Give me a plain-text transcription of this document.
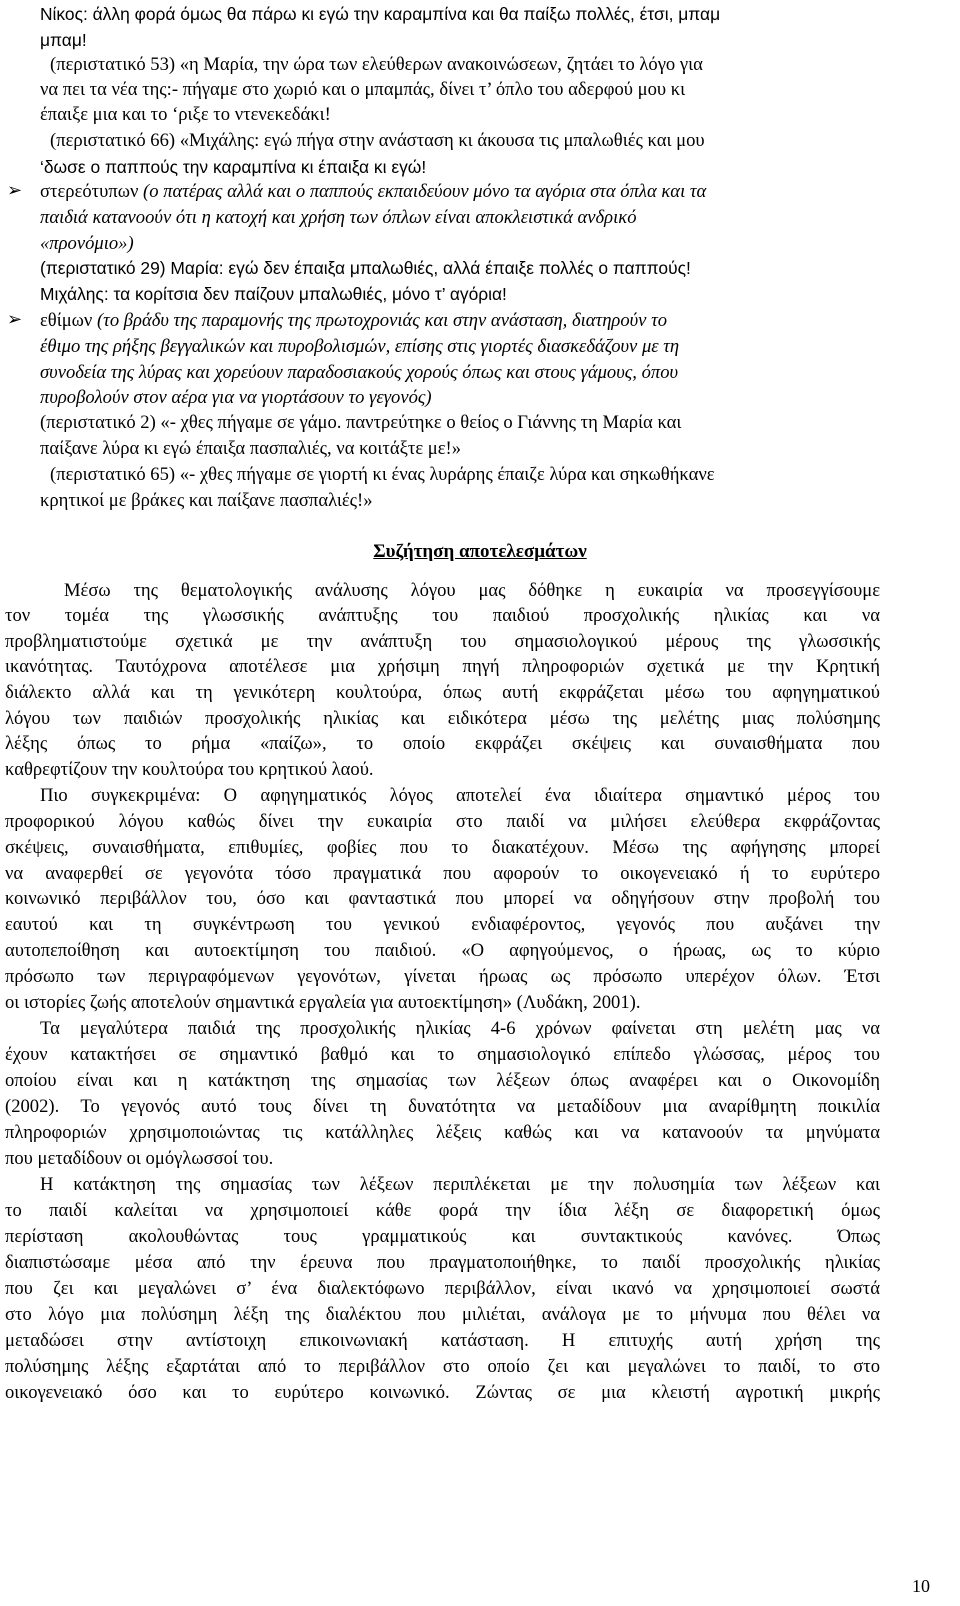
Νίκος: άλλη φορά όμως θα πάρω κι εγώ την καραμπίνα και θα παίξω πολλές, έτσι, μπαμ
μπαμ!
(περιστατικό 53) «η Μαρία, την ώρα των ελεύθερων ανακοινώσεων, ζητάει το λόγο για
να πει τα νέα της:- πήγαμε στο χωριό και ο μπαμπάς, δίνει τ’ όπλο του αδερφού μου κι
έπαιξε μια και το ‘ριξε το ντενεκεδάκι!
(περιστατικό 66) «Μιχάλης: εγώ πήγα στην ανάσταση κι άκουσα τις μπαλωθιές και μου
‘δωσε ο παππούς την καραμπίνα κι έπαιξα κι εγώ!
➢ στερεότυπων (ο πατέρας αλλά και ο παππούς εκπαιδεύουν μόνο τα αγόρια στα όπλα και τα
παιδιά κατανοούν ότι η κατοχή και χρήση των όπλων είναι αποκλειστικά ανδρικό
«προνόμιο»)
(περιστατικό 29) Μαρία: εγώ δεν έπαιξα μπαλωθιές, αλλά έπαιξε πολλές ο παππούς!
Μιχάλης: τα κορίτσια δεν παίζουν μπαλωθιές, μόνο τ’ αγόρια!
➢ εθίμων (το βράδυ της παραμονής της πρωτοχρονιάς και στην ανάσταση, διατηρούν το
έθιμο της ρήξης βεγγαλικών και πυροβολισμών, επίσης στις γιορτές διασκεδάζουν με τη
συνοδεία της λύρας και χορεύουν παραδοσιακούς χορούς όπως και στους γάμους, όπου
πυροβολούν στον αέρα για να γιορτάσουν το γεγονός)
(περιστατικό 2) «- χθες πήγαμε σε γάμο. παντρεύτηκε ο θείος ο Γιάννης τη Μαρία και
παίξανε λύρα κι εγώ έπαιξα πασπαλιές, να κοιτάξτε με!»
(περιστατικό 65) «- χθες πήγαμε σε γιορτή κι ένας λυράρης έπαιζε λύρα και σηκωθήκανε
κρητικοί με βράκες και παίξανε πασπαλιές!»
Συζήτηση αποτελεσμάτων
Μέσω της θεματολογικής ανάλυσης λόγου μας δόθηκε η ευκαιρία να προσεγγίσουμε
τον τομέα της γλωσσικής ανάπτυξης του παιδιού προσχολικής ηλικίας και να
προβληματιστούμε σχετικά με την ανάπτυξη του σημασιολογικού μέρους της γλωσσικής
ικανότητας. Ταυτόχρονα αποτέλεσε μια χρήσιμη πηγή πληροφοριών σχετικά με την Κρητική
διάλεκτο αλλά και τη γενικότερη κουλτούρα, όπως αυτή εκφράζεται μέσω του αφηγηματικού
λόγου των παιδιών προσχολικής ηλικίας και ειδικότερα μέσω της μελέτης μιας πολύσημης
λέξης όπως το ρήμα «παίζω», το οποίο εκφράζει σκέψεις και συναισθήματα που
καθρεφτίζουν την κουλτούρα του κρητικού λαού.
Πιο συγκεκριμένα: Ο αφηγηματικός λόγος αποτελεί ένα ιδιαίτερα σημαντικό μέρος του
προφορικού λόγου καθώς δίνει την ευκαιρία στο παιδί να μιλήσει ελεύθερα εκφράζοντας
σκέψεις, συναισθήματα, επιθυμίες, φοβίες που το διακατέχουν. Μέσω της αφήγησης μπορεί
να αναφερθεί σε γεγονότα τόσο πραγματικά που αφορούν το οικογενειακό ή το ευρύτερο
κοινωνικό περιβάλλον του, όσο και φανταστικά που μπορεί να οδηγήσουν στην προβολή του
εαυτού και τη συγκέντρωση του γενικού ενδιαφέροντος, γεγονός που αυξάνει την
αυτοπεποίθηση και αυτοεκτίμηση του παιδιού. «Ο αφηγούμενος, ο ήρωας, ως το κύριο
πρόσωπο των περιγραφόμενων γεγονότων, γίνεται ήρωας ως πρόσωπο υπερέχον όλων. Έτσι
οι ιστορίες ζωής αποτελούν σημαντικά εργαλεία για αυτοεκτίμηση» (Λυδάκη, 2001).
Τα μεγαλύτερα παιδιά της προσχολικής ηλικίας 4-6 χρόνων φαίνεται στη μελέτη μας να
έχουν κατακτήσει σε σημαντικό βαθμό και το σημασιολογικό επίπεδο γλώσσας, μέρος του
οποίου είναι και η κατάκτηση της σημασίας των λέξεων όπως αναφέρει και ο Οικονομίδη
(2002). Το γεγονός αυτό τους δίνει τη δυνατότητα να μεταδίδουν μια αναρίθμητη ποικιλία
πληροφοριών χρησιμοποιώντας τις κατάλληλες λέξεις καθώς και να κατανοούν τα μηνύματα
που μεταδίδουν οι ομόγλωσσοί του.
Η κατάκτηση της σημασίας των λέξεων περιπλέκεται με την πολυσημία των λέξεων και
το παιδί καλείται να χρησιμοποιεί κάθε φορά την ίδια λέξη σε διαφορετική όμως
περίσταση ακολουθώντας τους γραμματικούς και συντακτικούς κανόνες. Όπως
διαπιστώσαμε μέσα από την έρευνα που πραγματοποιήθηκε, το παιδί προσχολικής ηλικίας
που ζει και μεγαλώνει σ’ ένα διαλεκτόφωνο περιβάλλον, είναι ικανό να χρησιμοποιεί σωστά
στο λόγο μια πολύσημη λέξη της διαλέκτου που μιλιέται, ανάλογα με το μήνυμα που θέλει να
μεταδώσει στην αντίστοιχη επικοινωνιακή κατάσταση. Η επιτυχής αυτή χρήση της
πολύσημης λέξης εξαρτάται από το περιβάλλον στο οποίο ζει και μεγαλώνει το παιδί, το στο
οικογενειακό όσο και το ευρύτερο κοινωνικό. Ζώντας σε μια κλειστή αγροτική μικρής
10
